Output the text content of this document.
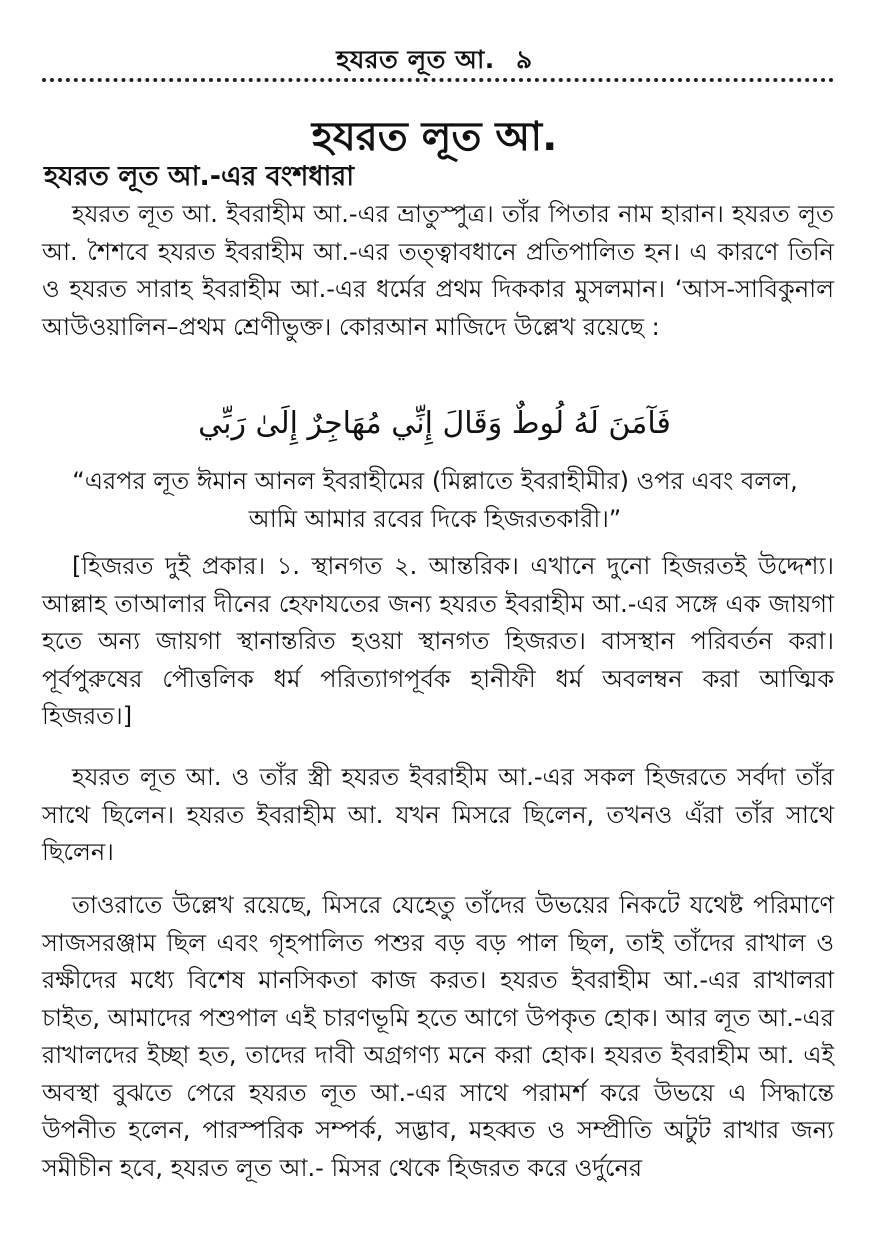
হযরত লূত আ. ৯
হযরত লূত আ.
হযরত লূত আ.-এর বংশধারা

হযরত লূত আ. ইবরাহীম আ.-এর ভ্রাতুস্পুত্র। তাঁর পিতার নাম হারান। হযরত লূত আ. শৈশবে হযরত ইবরাহীম আ.-এর তত্ত্বাবধানে প্রতিপালিত হন। এ কারণে তিনি ও হযরত সারাহ ইবরাহীম আ.-এর ধর্মের প্রথম দিককার মুসলমান। ‘আস-সাবিকুনাল আউওয়ালিন–প্রথম শ্রেণীভুক্ত। কোরআন মাজিদে উল্লেখ রয়েছে :

فَآمَنَ لَهُ لُوطٌ وَقَالَ إِنِّي مُهَاجِرٌ إِلَىٰ رَبِّي

“এরপর লূত ঈমান আনল ইবরাহীমের (মিল্লাতে ইবরাহীমীর) ওপর এবং বলল, আমি আমার রবের দিকে হিজরতকারী।”

[হিজরত দুই প্রকার। ১. স্থানগত ২. আন্তরিক। এখানে দুনো হিজরতই উদ্দেশ্য। আল্লাহ তাআলার দীনের হেফাযতের জন্য হযরত ইবরাহীম আ.-এর সঙ্গে এক জায়গা হতে অন্য জায়গা স্থানান্তরিত হওয়া স্থানগত হিজরত। বাসস্থান পরিবর্তন করা। পূর্বপুরুষের পৌত্তলিক ধর্ম পরিত্যাগপূর্বক হানীফী ধর্ম অবলম্বন করা আত্মিক হিজরত।]

হযরত লূত আ. ও তাঁর স্ত্রী হযরত ইবরাহীম আ.-এর সকল হিজরতে সর্বদা তাঁর সাথে ছিলেন। হযরত ইবরাহীম আ. যখন মিসরে ছিলেন, তখনও এঁরা তাঁর সাথে ছিলেন।

তাওরাতে উল্লেখ রয়েছে, মিসরে যেহেতু তাঁদের উভয়ের নিকটে যথেষ্ট পরিমাণে সাজসরঞ্জাম ছিল এবং গৃহপালিত পশুর বড় বড় পাল ছিল, তাই তাঁদের রাখাল ও রক্ষীদের মধ্যে বিশেষ মানসিকতা কাজ করত। হযরত ইবরাহীম আ.-এর রাখালরা চাইত, আমাদের পশুপাল এই চারণভূমি হতে আগে উপকৃত হোক। আর লূত আ.-এর রাখালদের ইচ্ছা হত, তাদের দাবী অগ্রগণ্য মনে করা হোক। হযরত ইবরাহীম আ. এই অবস্থা বুঝতে পেরে হযরত লূত আ.-এর সাথে পরামর্শ করে উভয়ে এ সিদ্ধান্তে উপনীত হলেন, পারস্পরিক সম্পর্ক, সদ্ভাব, মহব্বত ও সম্প্রীতি অটুট রাখার জন্য সমীচীন হবে, হযরত লূত আ.- মিসর থেকে হিজরত করে ওর্দুনের
